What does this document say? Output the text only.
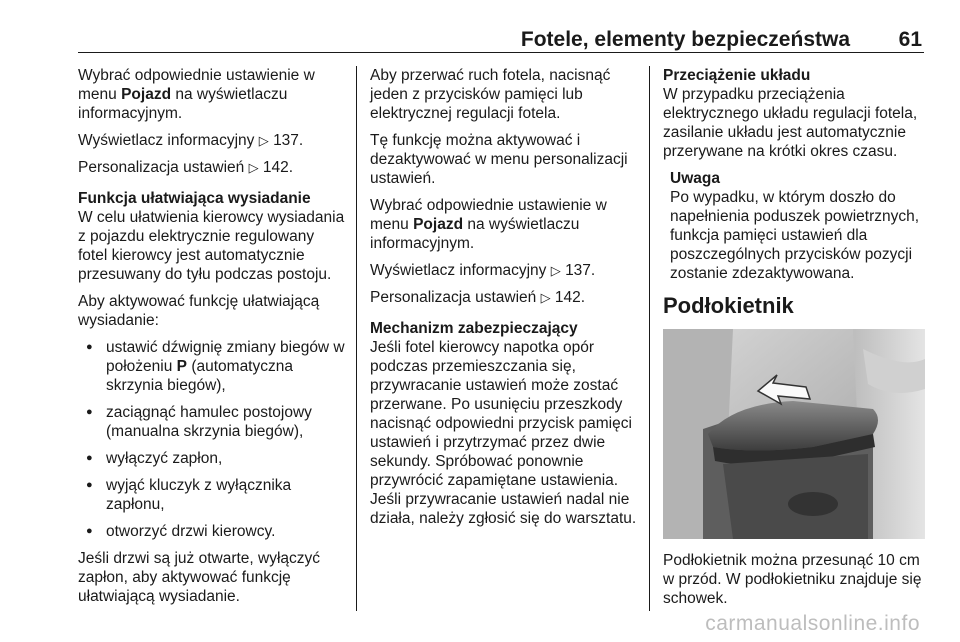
Fotele, elementy bezpieczeństwa 61

Wybrać odpowiednie ustawienie w menu Pojazd na wyświetlaczu informacyjnym.

Wyświetlacz informacyjny ▷ 137.

Personalizacja ustawień ▷ 142.

Funkcja ułatwiająca wysiadanie

W celu ułatwienia kierowcy wysiadania z pojazdu elektrycznie regulowany fotel kierowcy jest automatycznie przesuwany do tyłu podczas postoju.

Aby aktywować funkcję ułatwiającą wysiadanie:

● ustawić dźwignię zmiany biegów w położeniu P (automatyczna skrzynia biegów),
● zaciągnąć hamulec postojowy (manualna skrzynia biegów),
● wyłączyć zapłon,
● wyjąć kluczyk z wyłącznika zapłonu,
● otworzyć drzwi kierowcy.

Jeśli drzwi są już otwarte, wyłączyć zapłon, aby aktywować funkcję ułatwiającą wysiadanie.

Aby przerwać ruch fotela, nacisnąć jeden z przycisków pamięci lub elektrycznej regulacji fotela.

Tę funkcję można aktywować i dezaktywować w menu personalizacji ustawień.

Wybrać odpowiednie ustawienie w menu Pojazd na wyświetlaczu informacyjnym.

Wyświetlacz informacyjny ▷ 137.

Personalizacja ustawień ▷ 142.

Mechanizm zabezpieczający

Jeśli fotel kierowcy napotka opór podczas przemieszczania się, przywracanie ustawień może zostać przerwane. Po usunięciu przeszkody nacisnąć odpowiedni przycisk pamięci ustawień i przytrzymać przez dwie sekundy. Spróbować ponownie przywrócić zapamiętane ustawienia. Jeśli przywracanie ustawień nadal nie działa, należy zgłosić się do warsztatu.

Przeciążenie układu

W przypadku przeciążenia elektrycznego układu regulacji fotela, zasilanie układu jest automatycznie przerywane na krótki okres czasu.

Uwaga
Po wypadku, w którym doszło do napełnienia poduszek powietrznych, funkcja pamięci ustawień dla poszczególnych przycisków pozycji zostanie zdezaktywowana.
Podłokietnik

Podłokietnik można przesunąć 10 cm w przód. W podłokietniku znajduje się schowek.

carmanualsonline.info
